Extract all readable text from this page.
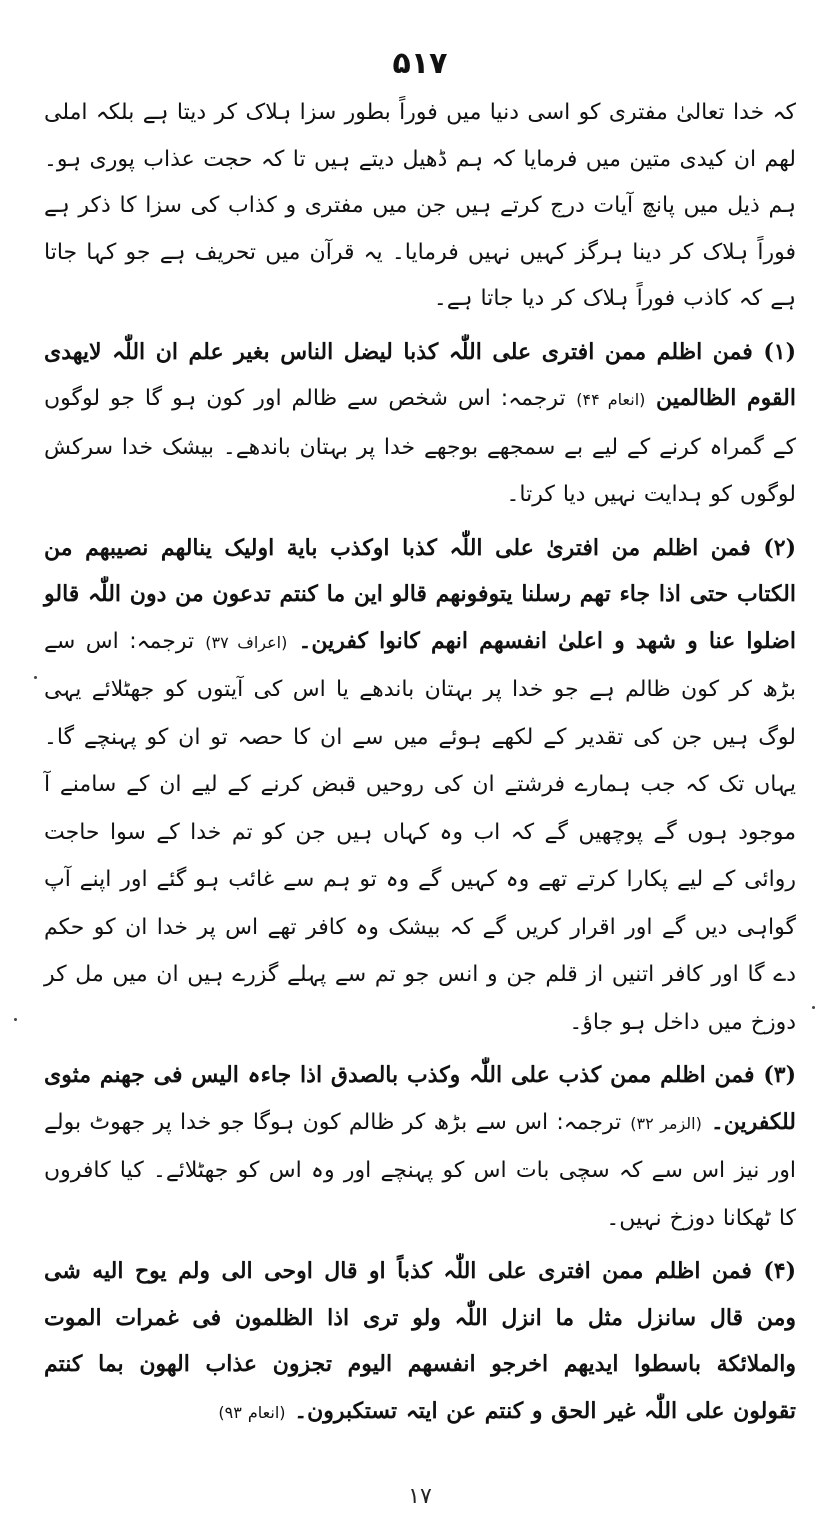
۵۱۷

کہ خدا تعالیٰ مفتری کو اسی دنیا میں فوراً بطور سزا ہلاک کر دیتا ہے بلکہ املی لھم ان کیدی متین میں فرمایا کہ ہم ڈھیل دیتے ہیں تا کہ حجت عذاب پوری ہو۔ ہم ذیل میں پانچ آیات درج کرتے ہیں جن میں مفتری و کذاب کی سزا کا ذکر ہے فوراً ہلاک کر دینا ہرگز کہیں نہیں فرمایا۔ یہ قرآن میں تحریف ہے جو کہا جاتا ہے کہ کاذب فوراً ہلاک کر دیا جاتا ہے۔

(۱) فمن اظلم ممن افتری علی اللّٰہ کذبا لیضل الناس بغیر علم ان اللّٰہ لایھدی القوم الظالمین (انعام ۴۴) ترجمہ: اس شخص سے ظالم اور کون ہو گا جو لوگوں کے گمراہ کرنے کے لیے بے سمجھے بوجھے خدا پر بہتان باندھے۔ بیشک خدا سرکش لوگوں کو ہدایت نہیں دیا کرتا۔

(۲) فمن اظلم من افتریٰ علی اللّٰہ کذبا اوکذب بایة اولیک ینالھم نصیبھم من الکتاب حتی اذا جاء تھم رسلنا یتوفونھم قالو این ما کنتم تدعون من دون اللّٰہ قالو اضلوا عنا و شھد و اعلیٰ انفسھم انھم کانوا کفرین۔ (اعراف ۳۷) ترجمہ: اس سے بڑھ کر کون ظالم ہے جو خدا پر بہتان باندھے یا اس کی آیتوں کو جھٹلائے یہی لوگ ہیں جن کی تقدیر کے لکھے ہوئے میں سے ان کا حصہ تو ان کو پہنچے گا۔ یہاں تک کہ جب ہمارے فرشتے ان کی روحیں قبض کرنے کے لیے ان کے سامنے آ موجود ہوں گے پوچھیں گے کہ اب وہ کہاں ہیں جن کو تم خدا کے سوا حاجت روائی کے لیے پکارا کرتے تھے وہ کہیں گے وہ تو ہم سے غائب ہو گئے اور اپنے آپ گواہی دیں گے اور اقرار کریں گے کہ بیشک وہ کافر تھے اس پر خدا ان کو حکم دے گا اور کافر اتنیں از قلم جن و انس جو تم سے پہلے گزرے ہیں ان میں مل کر دوزخ میں داخل ہو جاؤ۔

(۳) فمن اظلم ممن کذب علی اللّٰہ وکذب بالصدق اذا جاءہ الیس فی جھنم مثوی للکفرین۔ (الزمر ۳۲) ترجمہ: اس سے بڑھ کر ظالم کون ہوگا جو خدا پر جھوٹ بولے اور نیز اس سے کہ سچی بات اس کو پہنچے اور وہ اس کو جھٹلائے۔ کیا کافروں کا ٹھکانا دوزخ نہیں۔

(۴) فمن اظلم ممن افتری علی اللّٰہ کذباً او قال اوحی الی ولم یوح الیه شی ومن قال سانزل مثل ما انزل اللّٰہ ولو تری اذا الظلمون فی غمرات الموت والملائکة باسطوا ایدیھم اخرجو انفسھم الیوم تجزون عذاب الھون بما کنتم تقولون علی اللّٰہ غیر الحق و کنتم عن ایتہ تستکبرون۔ (انعام ۹۳)

۱۷
